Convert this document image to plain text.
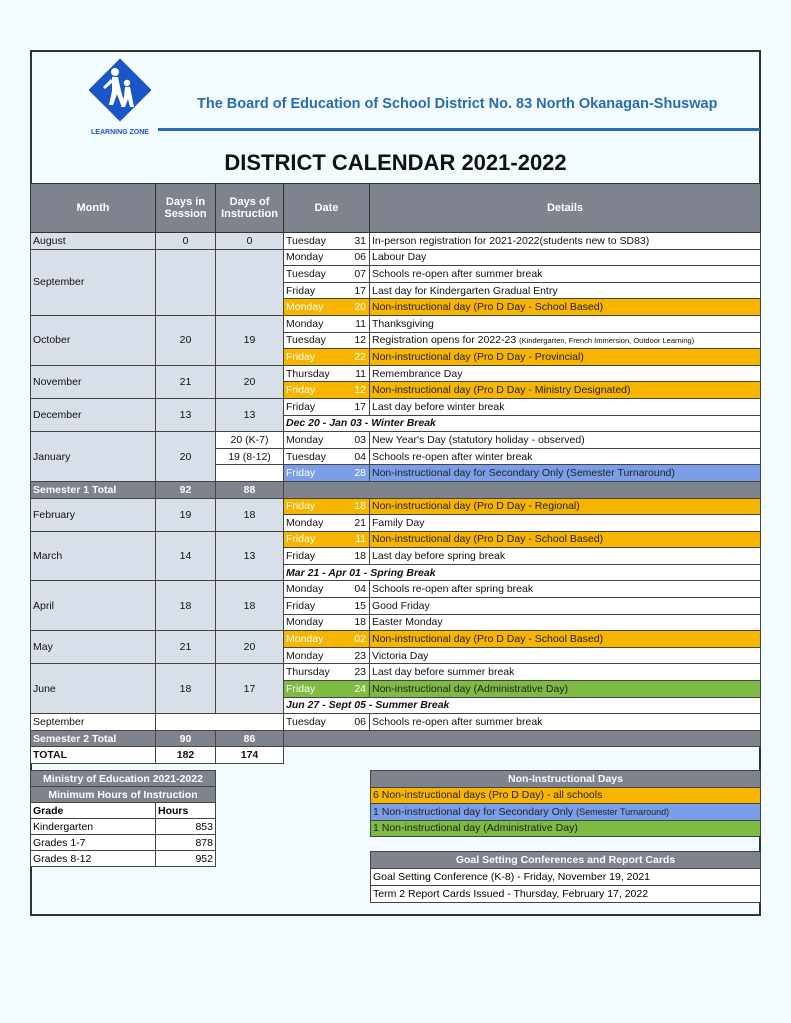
LEARNING ZONE
The Board of Education of School District No. 83 North Okanagan-Shuswap
DISTRICT CALENDAR 2021-2022
Month	Days in Session	Days of Instruction	Date		Details
August	0	0	Tuesday	31	In-person registration for 2021-2022(students new to SD83)
September			Monday	06	Labour Day
			Tuesday	07	Schools re-open after summer break
			Friday	17	Last day for Kindergarten Gradual Entry
			Monday	20	Non-instructional day (Pro D Day - School Based)
October	20	19	Monday	11	Thanksgiving
			Tuesday	12	Registration opens for 2022-23 (Kindergarten, French Immersion, Outdoor Learning)
			Friday	22	Non-instructional day (Pro D Day - Provincial)
November	21	20	Thursday	11	Remembrance Day
			Friday	12	Non-instructional day (Pro D Day - Ministry Designated)
December	13	13	Friday	17	Last day before winter break
			Dec 20 - Jan 03 - Winter Break		
January	20	20 (K-7)	Monday	03	New Year's Day (statutory holiday - observed)
		19 (8-12)	Tuesday	04	Schools re-open after winter break
			Friday	28	Non-instructional day for Secondary Only (Semester Turnaround)
Semester 1 Total	92	88			
February	19	18	Friday	18	Non-instructional day (Pro D Day - Regional)
			Monday	21	Family Day
March	14	13	Friday	11	Non-instructional day (Pro D Day - School Based)
			Friday	18	Last day before spring break
			Mar 21 - Apr 01 - Spring Break		
April	18	18	Monday	04	Schools re-open after spring break
			Friday	15	Good Friday
			Monday	18	Easter Monday
May	21	20	Monday	02	Non-instructional day (Pro D Day - School Based)
			Monday	23	Victoria Day
June	18	17	Thursday	23	Last day before summer break
			Friday	24	Non-instructional day (Administrative Day)
			Jun 27 - Sept 05 - Summer Break		
September			Tuesday	06	Schools re-open after summer break
Semester 2 Total	90	86			
TOTAL	182	174			
Ministry of Education 2021-2022	
Minimum Hours of Instruction	
Grade	Hours
Kindergarten	853
Grades 1-7	878
Grades 8-12	952
Non-Instructional Days
6 Non-instructional days (Pro D Day) - all schools
1 Non-instructional day for Secondary Only (Semester Turnaround)
1 Non-instructional day (Administrative Day)
Goal Setting Conferences and Report Cards
Goal Setting Conference (K-8) - Friday, November 19, 2021
Term 2 Report Cards Issued - Thursday, February 17, 2022
